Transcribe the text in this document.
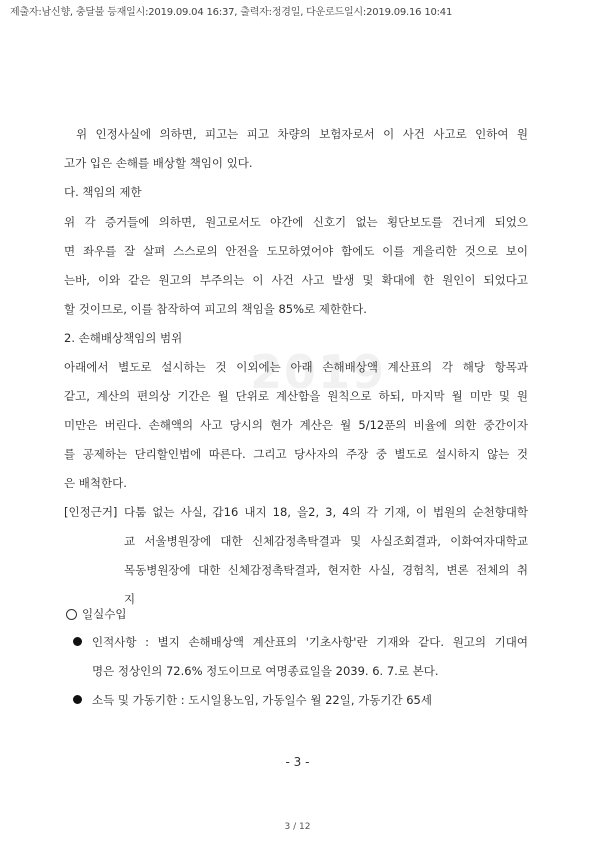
제출자:남신향, 충달불 등재일시:2019.09.04 16:37, 출력자:정경일, 다운로드일시:2019.09.16 10:41
2019
위 인정사실에 의하면, 피고는 피고 차량의 보험자로서 이 사건 사고로 인하여 원
고가 입은 손해를 배상할 책임이 있다.
다. 책임의 제한
위 각 증거들에 의하면, 원고로서도 야간에 신호기 없는 횡단보도를 건너게 되었으
면 좌우를 잘 살펴 스스로의 안전을 도모하였어야 함에도 이를 게을리한 것으로 보이
는바, 이와 같은 원고의 부주의는 이 사건 사고 발생 및 확대에 한 원인이 되었다고
할 것이므로, 이를 참작하여 피고의 책임을 85%로 제한한다.
2. 손해배상책임의 범위
아래에서 별도로 설시하는 것 이외에는 아래 손해배상액 계산표의 각 해당 항목과
같고, 계산의 편의상 기간은 월 단위로 계산함을 원칙으로 하되, 마지막 월 미만 및 원
미만은 버린다. 손해액의 사고 당시의 현가 계산은 월 5/12푼의 비율에 의한 중간이자
를 공제하는 단리할인법에 따른다. 그리고 당사자의 주장 중 별도로 설시하지 않는 것
은 배척한다.
[인정근거] 다툼 없는 사실, 갑16 내지 18, 을2, 3, 4의 각 기재, 이 법원의 순천향대학
교 서울병원장에 대한 신체감정촉탁결과 및 사실조회결과, 이화여자대학교
목동병원장에 대한 신체감정촉탁결과, 현저한 사실, 경험칙, 변론 전체의 취
지
일실수입
인적사항 : 별지 손해배상액 계산표의 '기초사항'란 기재와 같다. 원고의 기대여
명은 정상인의 72.6% 정도이므로 여명종료일을 2039. 6. 7.로 본다.
소득 및 가동기한 : 도시일용노임, 가동일수 월 22일, 가동기간 65세
- 3 -
3 / 12
